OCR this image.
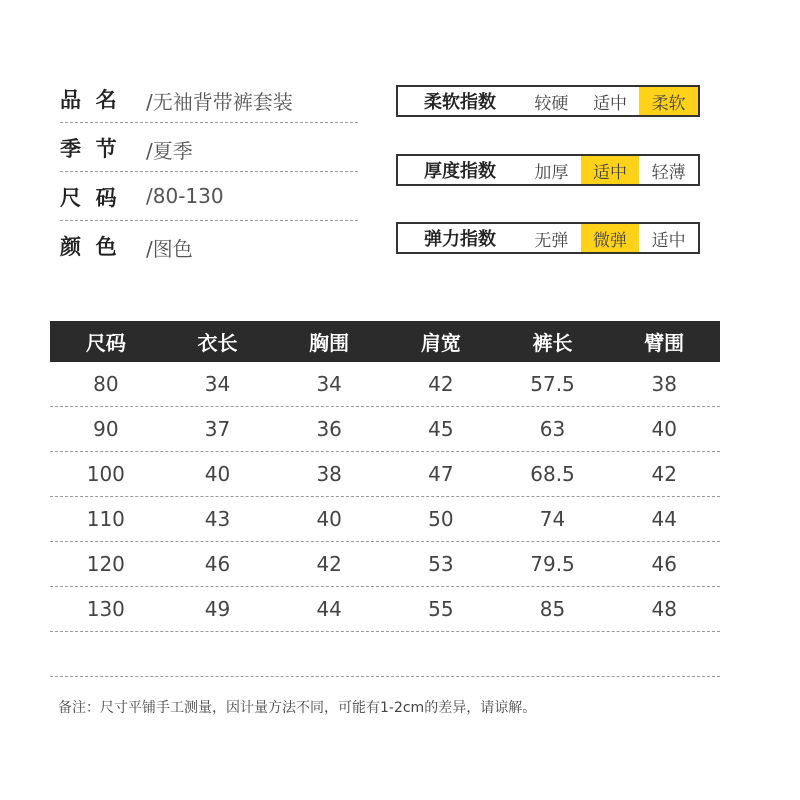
品  名 /无袖背带裤套装
季  节 /夏季
尺  码 /80-130
颜  色 /图色
柔软指数	较硬	适中	柔软
厚度指数	加厚	适中	轻薄
弹力指数	无弹	微弹	适中
尺码	衣长	胸围	肩宽	裤长	臂围
80	34	34	42	57.5	38
90	37	36	45	63	40
100	40	38	47	68.5	42
110	43	40	50	74	44
120	46	42	53	79.5	46
130	49	44	55	85	48
备注：尺寸平铺手工测量，因计量方法不同，可能有1-2cm的差异，请谅解。
